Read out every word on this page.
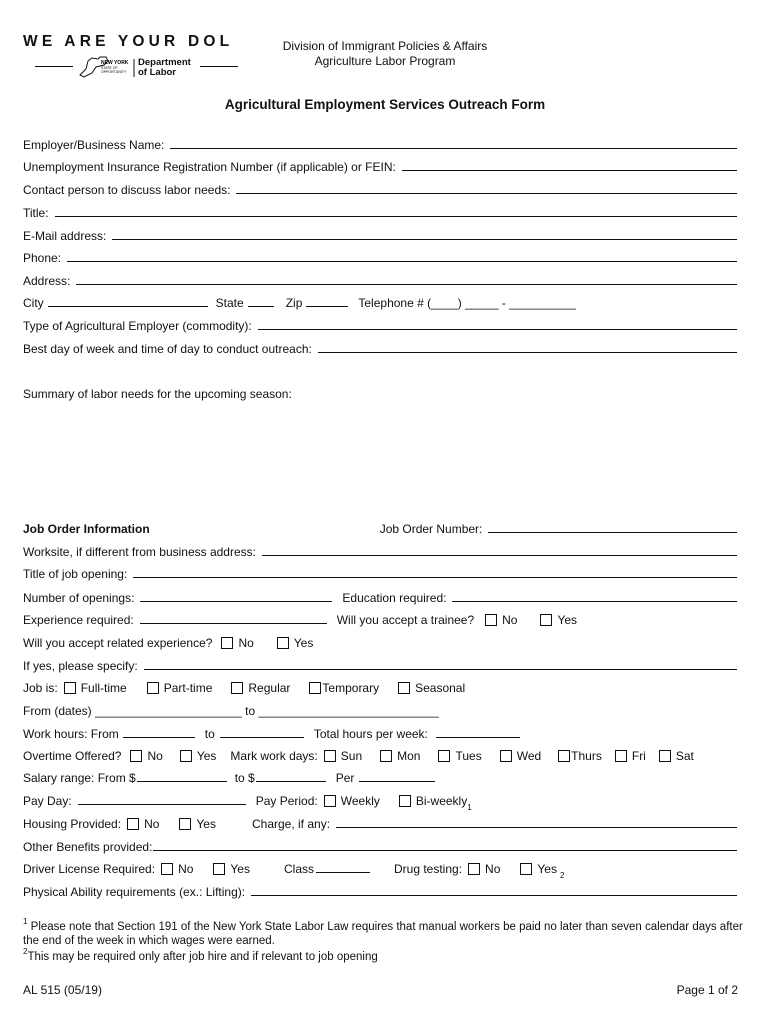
WE ARE YOUR DOL
NEW YORK
STATE OF
OPPORTUNITY
Department
of Labor
Division of Immigrant Policies & Affairs
Agriculture Labor Program
Agricultural Employment Services Outreach Form
Employer/Business Name:
Unemployment Insurance Registration Number (if applicable) or FEIN:
Contact person to discuss labor needs:
Title:
E-Mail address:
Phone:
Address:
City	State	Zip	Telephone # (____) _____ - __________
Type of Agricultural Employer (commodity):
Best day of week and time of day to conduct outreach:
Summary of labor needs for the upcoming season:
Job Order Information	Job Order Number:
Worksite, if different from business address:
Title of job opening:
Number of openings:	Education required:
Experience required:	Will you accept a trainee? No	Yes
Will you accept related experience? No	Yes
If yes, please specify:
Job is: Full-time	Part-time	Regular	Temporary	Seasonal
From (dates) ______________________ to ___________________________
Work hours: From	to	Total hours per week:
Overtime Offered? No	Yes Mark work days: Sun	Mon	Tues	Wed	Thurs	Fri	Sat
Salary range: From $	to $	Per
Pay Day:	Pay Period: Weekly	Bi-weekly 1
Housing Provided: No	Yes	Charge, if any:
Other Benefits provided:
Driver License Required: No	Yes	Class	Drug testing: No	Yes 2
Physical Ability requirements (ex.: Lifting):
$^1$ Please note that Section 191 of the New York State Labor Law requires that manual workers be paid no later than seven calendar days after the end of the week in which wages were earned.
$^2$This may be required only after job hire and if relevant to job opening
AL 515 (05/19)	Page 1 of 2
